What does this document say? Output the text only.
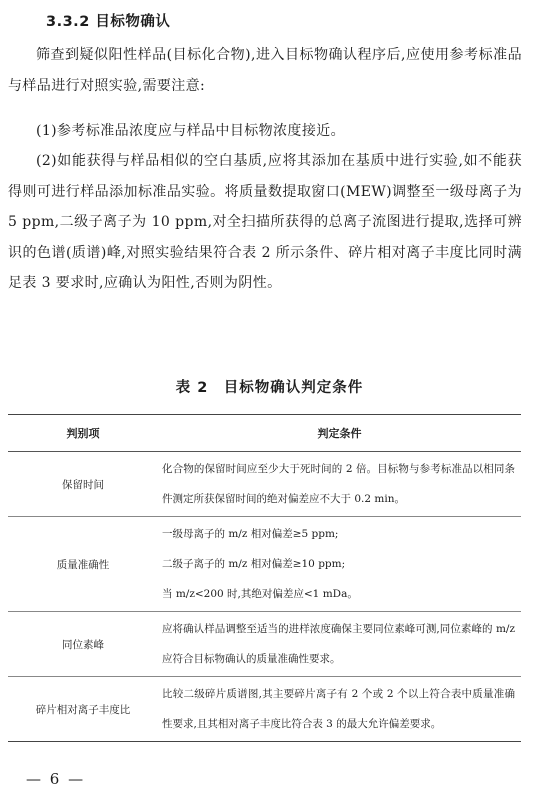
3.3.2 目标物确认
筛查到疑似阳性样品(目标化合物),进入目标物确认程序后,应使用参考标准品与样品进行对照实验,需要注意:
(1)参考标准品浓度应与样品中目标物浓度接近。
(2)如能获得与样品相似的空白基质,应将其添加在基质中进行实验,如不能获得则可进行样品添加标准品实验。将质量数提取窗口(MEW)调整至一级母离子为 5 ppm,二级子离子为 10 ppm,对全扫描所获得的总离子流图进行提取,选择可辨识的色谱(质谱)峰,对照实验结果符合表 2 所示条件、碎片相对离子丰度比同时满足表 3 要求时,应确认为阳性,否则为阴性。
表 2　目标物确认判定条件
判别项	判定条件
保留时间	化合物的保留时间应至少大于死时间的 2 倍。目标物与参考标准品以相同条件测定所获保留时间的绝对偏差应不大于 0.2 min。

质量准确性	一级母离子的 m/z 相对偏差≥5 ppm;
二级子离子的 m/z 相对偏差≥10 ppm;
当 m/z<200 时,其绝对偏差应<1 mDa。

同位素峰	应将确认样品调整至适当的进样浓度确保主要同位素峰可测,同位素峰的 m/z 应符合目标物确认的质量准确性要求。

碎片相对离子丰度比	比较二级碎片质谱图,其主要碎片离子有 2 个或 2 个以上符合表中质量准确性要求,且其相对离子丰度比符合表 3 的最大允许偏差要求。
— 6 —
